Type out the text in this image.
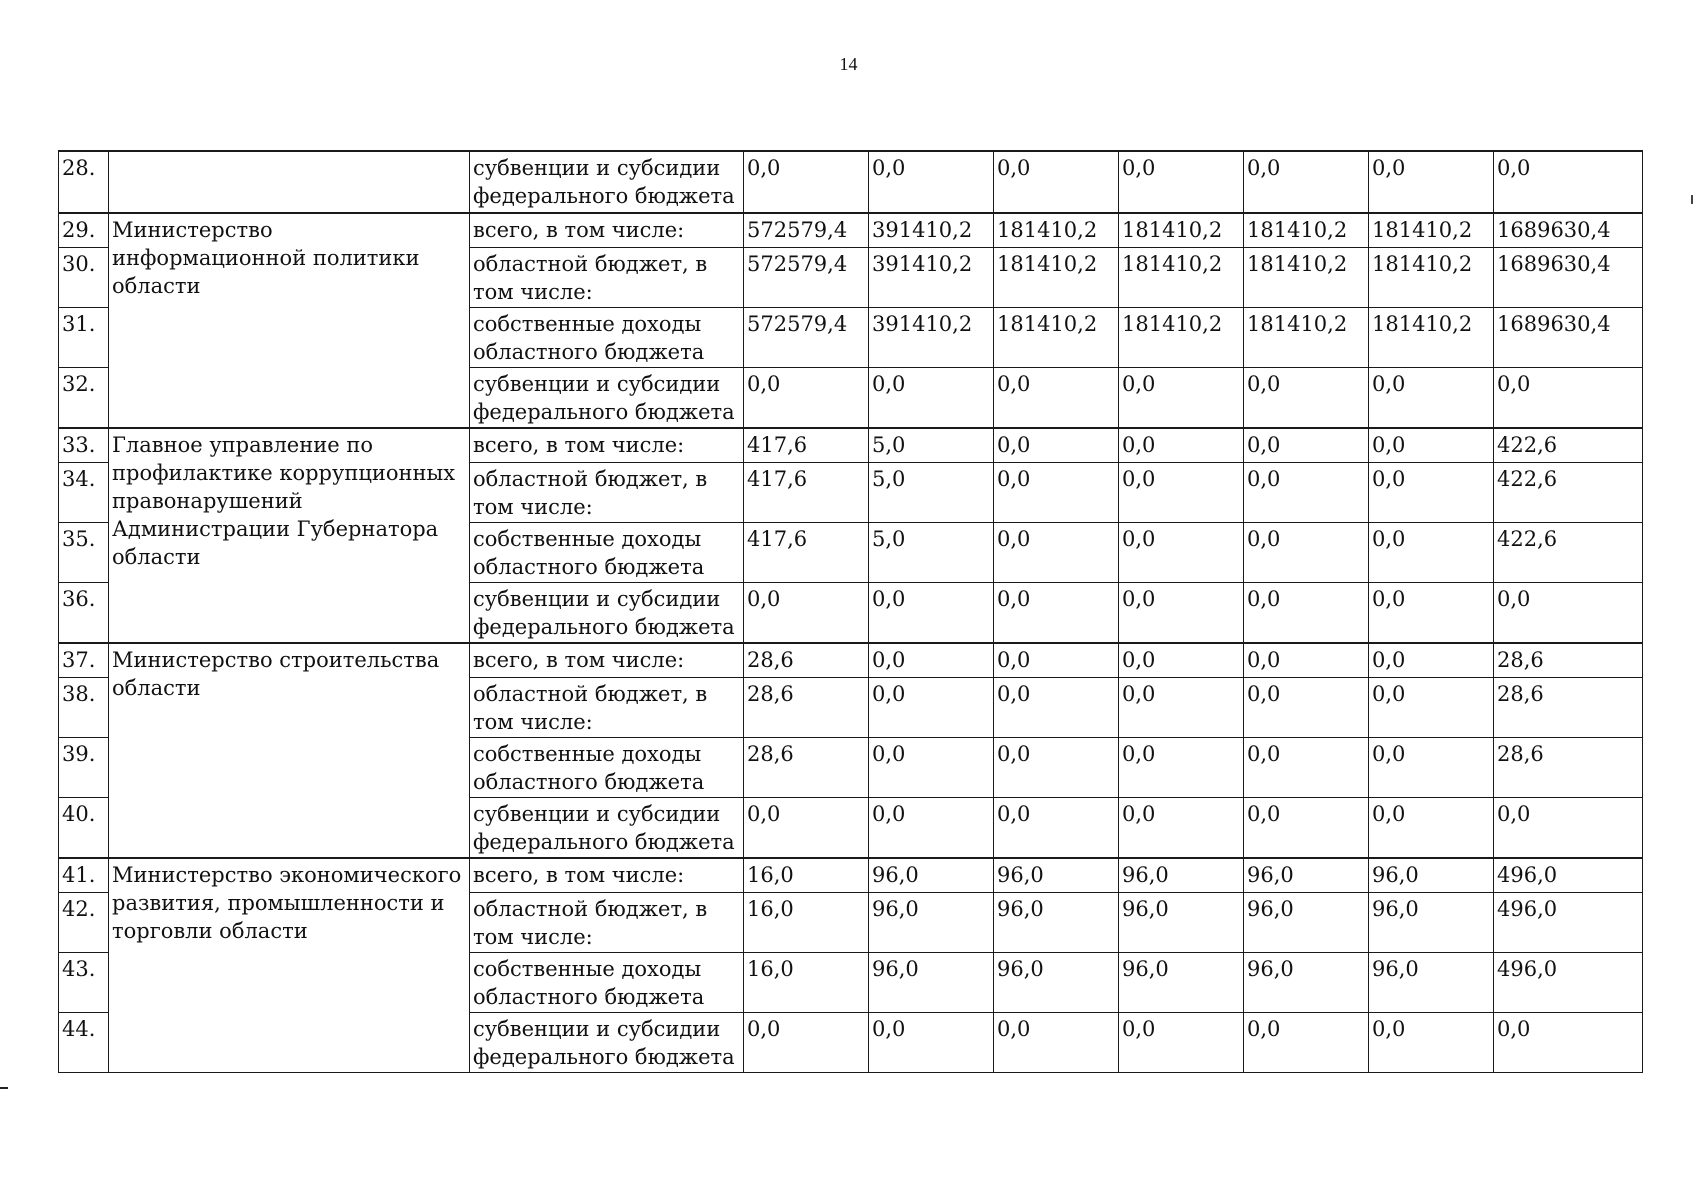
14
28.		субвенции и субсидии федерального бюджета	0,0	0,0	0,0	0,0	0,0	0,0	0,0
29.	Министерство информационной политики области	всего, в том числе:	572579,4	391410,2	181410,2	181410,2	181410,2	181410,2	1689630,4
30.		областной бюджет, в том числе:	572579,4	391410,2	181410,2	181410,2	181410,2	181410,2	1689630,4
31.		собственные доходы областного бюджета	572579,4	391410,2	181410,2	181410,2	181410,2	181410,2	1689630,4
32.		субвенции и субсидии федерального бюджета	0,0	0,0	0,0	0,0	0,0	0,0	0,0
33.	Главное управление по профилактике коррупционных правонарушений Администрации Губернатора области	всего, в том числе:	417,6	5,0	0,0	0,0	0,0	0,0	422,6
34.		областной бюджет, в том числе:	417,6	5,0	0,0	0,0	0,0	0,0	422,6
35.		собственные доходы областного бюджета	417,6	5,0	0,0	0,0	0,0	0,0	422,6
36.		субвенции и субсидии федерального бюджета	0,0	0,0	0,0	0,0	0,0	0,0	0,0
37.	Министерство строительства области	всего, в том числе:	28,6	0,0	0,0	0,0	0,0	0,0	28,6
38.		областной бюджет, в том числе:	28,6	0,0	0,0	0,0	0,0	0,0	28,6
39.		собственные доходы областного бюджета	28,6	0,0	0,0	0,0	0,0	0,0	28,6
40.		субвенции и субсидии федерального бюджета	0,0	0,0	0,0	0,0	0,0	0,0	0,0
41.	Министерство экономического развития, промышленности и торговли области	всего, в том числе:	16,0	96,0	96,0	96,0	96,0	96,0	496,0
42.		областной бюджет, в том числе:	16,0	96,0	96,0	96,0	96,0	96,0	496,0
43.		собственные доходы областного бюджета	16,0	96,0	96,0	96,0	96,0	96,0	496,0
44.		субвенции и субсидии федерального бюджета	0,0	0,0	0,0	0,0	0,0	0,0	0,0
